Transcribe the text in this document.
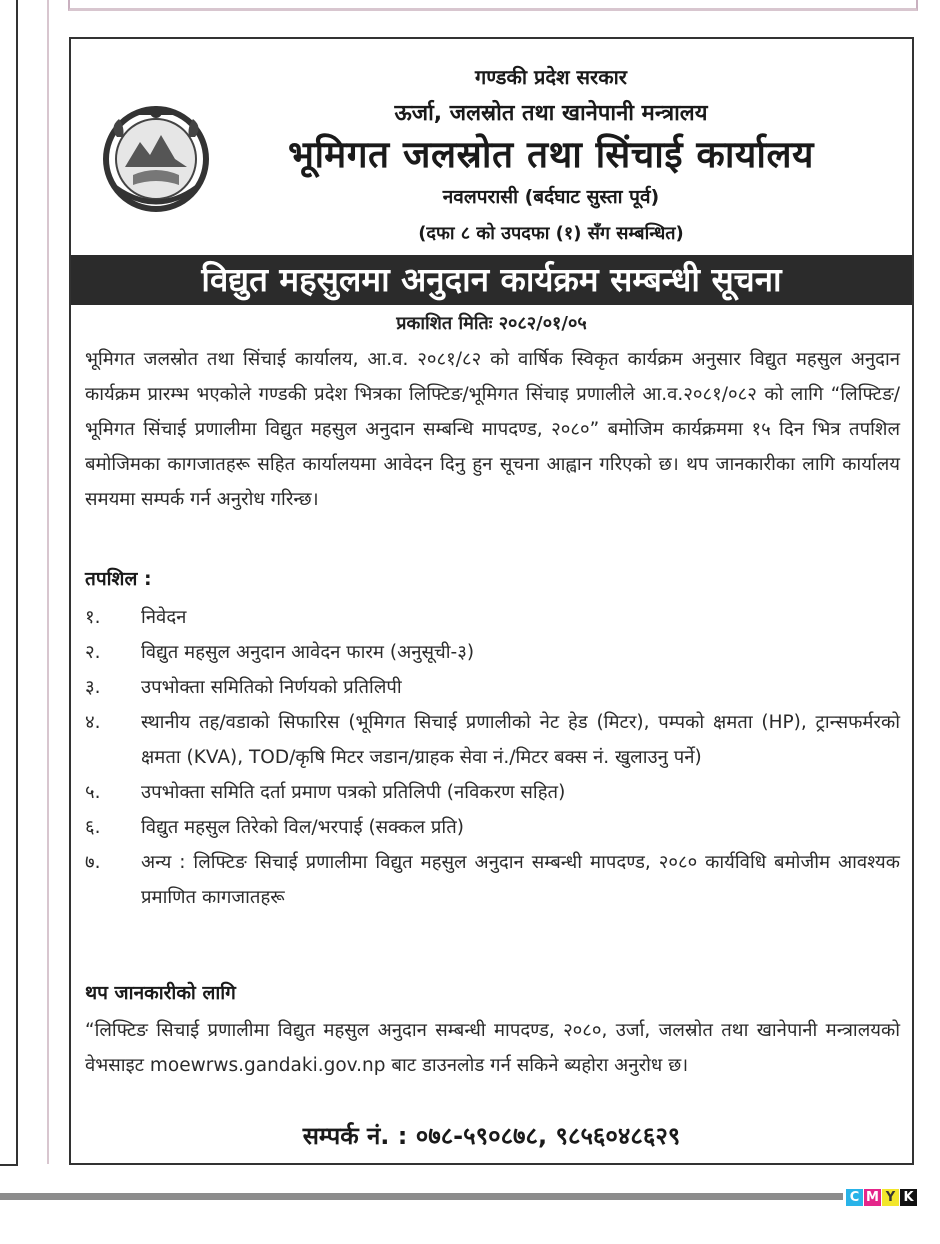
गण्डकी प्रदेश सरकार
ऊर्जा, जलस्रोत तथा खानेपानी मन्त्रालय
भूमिगत जलस्रोत तथा सिंचाई कार्यालय
नवलपरासी (बर्दघाट सुस्ता पूर्व)
(दफा ८ को उपदफा (१) सँग सम्बन्धित)
विद्युत महसुलमा अनुदान कार्यक्रम सम्बन्धी सूचना
प्रकाशित मितिः २०८२/०१/०५
भूमिगत जलस्रोत तथा सिंचाई कार्यालय, आ.व. २०८१/८२ को वार्षिक स्विकृत कार्यक्रम अनुसार विद्युत महसुल अनुदान कार्यक्रम प्रारम्भ भएकोले गण्डकी प्रदेश भित्रका लिफ्टिङ/भूमिगत सिंचाइ प्रणालीले आ.व.२०८१/०८२ को लागि “लिफ्टिङ/भूमिगत सिंचाई प्रणालीमा विद्युत महसुल अनुदान सम्बन्धि मापदण्ड, २०८०” बमोजिम कार्यक्रममा १५ दिन भित्र तपशिल बमोजिमका कागजातहरू सहित कार्यालयमा आवेदन दिनु हुन सूचना आह्वान गरिएको छ। थप जानकारीका लागि कार्यालय समयमा सम्पर्क गर्न अनुरोध गरिन्छ।
तपशिल :
१.	निवेदन
२.	विद्युत महसुल अनुदान आवेदन फारम (अनुसूची-३)
३.	उपभोक्ता समितिको निर्णयको प्रतिलिपी
४.	स्थानीय तह/वडाको सिफारिस (भूमिगत सिचाई प्रणालीको नेट हेड (मिटर), पम्पको क्षमता (HP), ट्रान्सफर्मरको क्षमता (KVA), TOD/कृषि मिटर जडान/ग्राहक सेवा नं./मिटर बक्स नं. खुलाउनु पर्ने)
५.	उपभोक्ता समिति दर्ता प्रमाण पत्रको प्रतिलिपी (नविकरण सहित)
६.	विद्युत महसुल तिरेको विल/भरपाई (सक्कल प्रति)
७.	अन्य : लिफ्टिङ सिचाई प्रणालीमा विद्युत महसुल अनुदान सम्बन्धी मापदण्ड, २०८० कार्यविधि बमोजीम आवश्यक प्रमाणित कागजातहरू
थप जानकारीको लागि
“लिफ्टिङ सिचाई प्रणालीमा विद्युत महसुल अनुदान सम्बन्धी मापदण्ड, २०८०, उर्जा, जलस्रोत तथा खानेपानी मन्त्रालयको वेभसाइट moewrws.gandaki.gov.np बाट डाउनलोड गर्न सकिने ब्यहोरा अनुरोध छ।
सम्पर्क नं. : ०७८-५९०८७८, ९८५६०४८६२९
C M Y K
